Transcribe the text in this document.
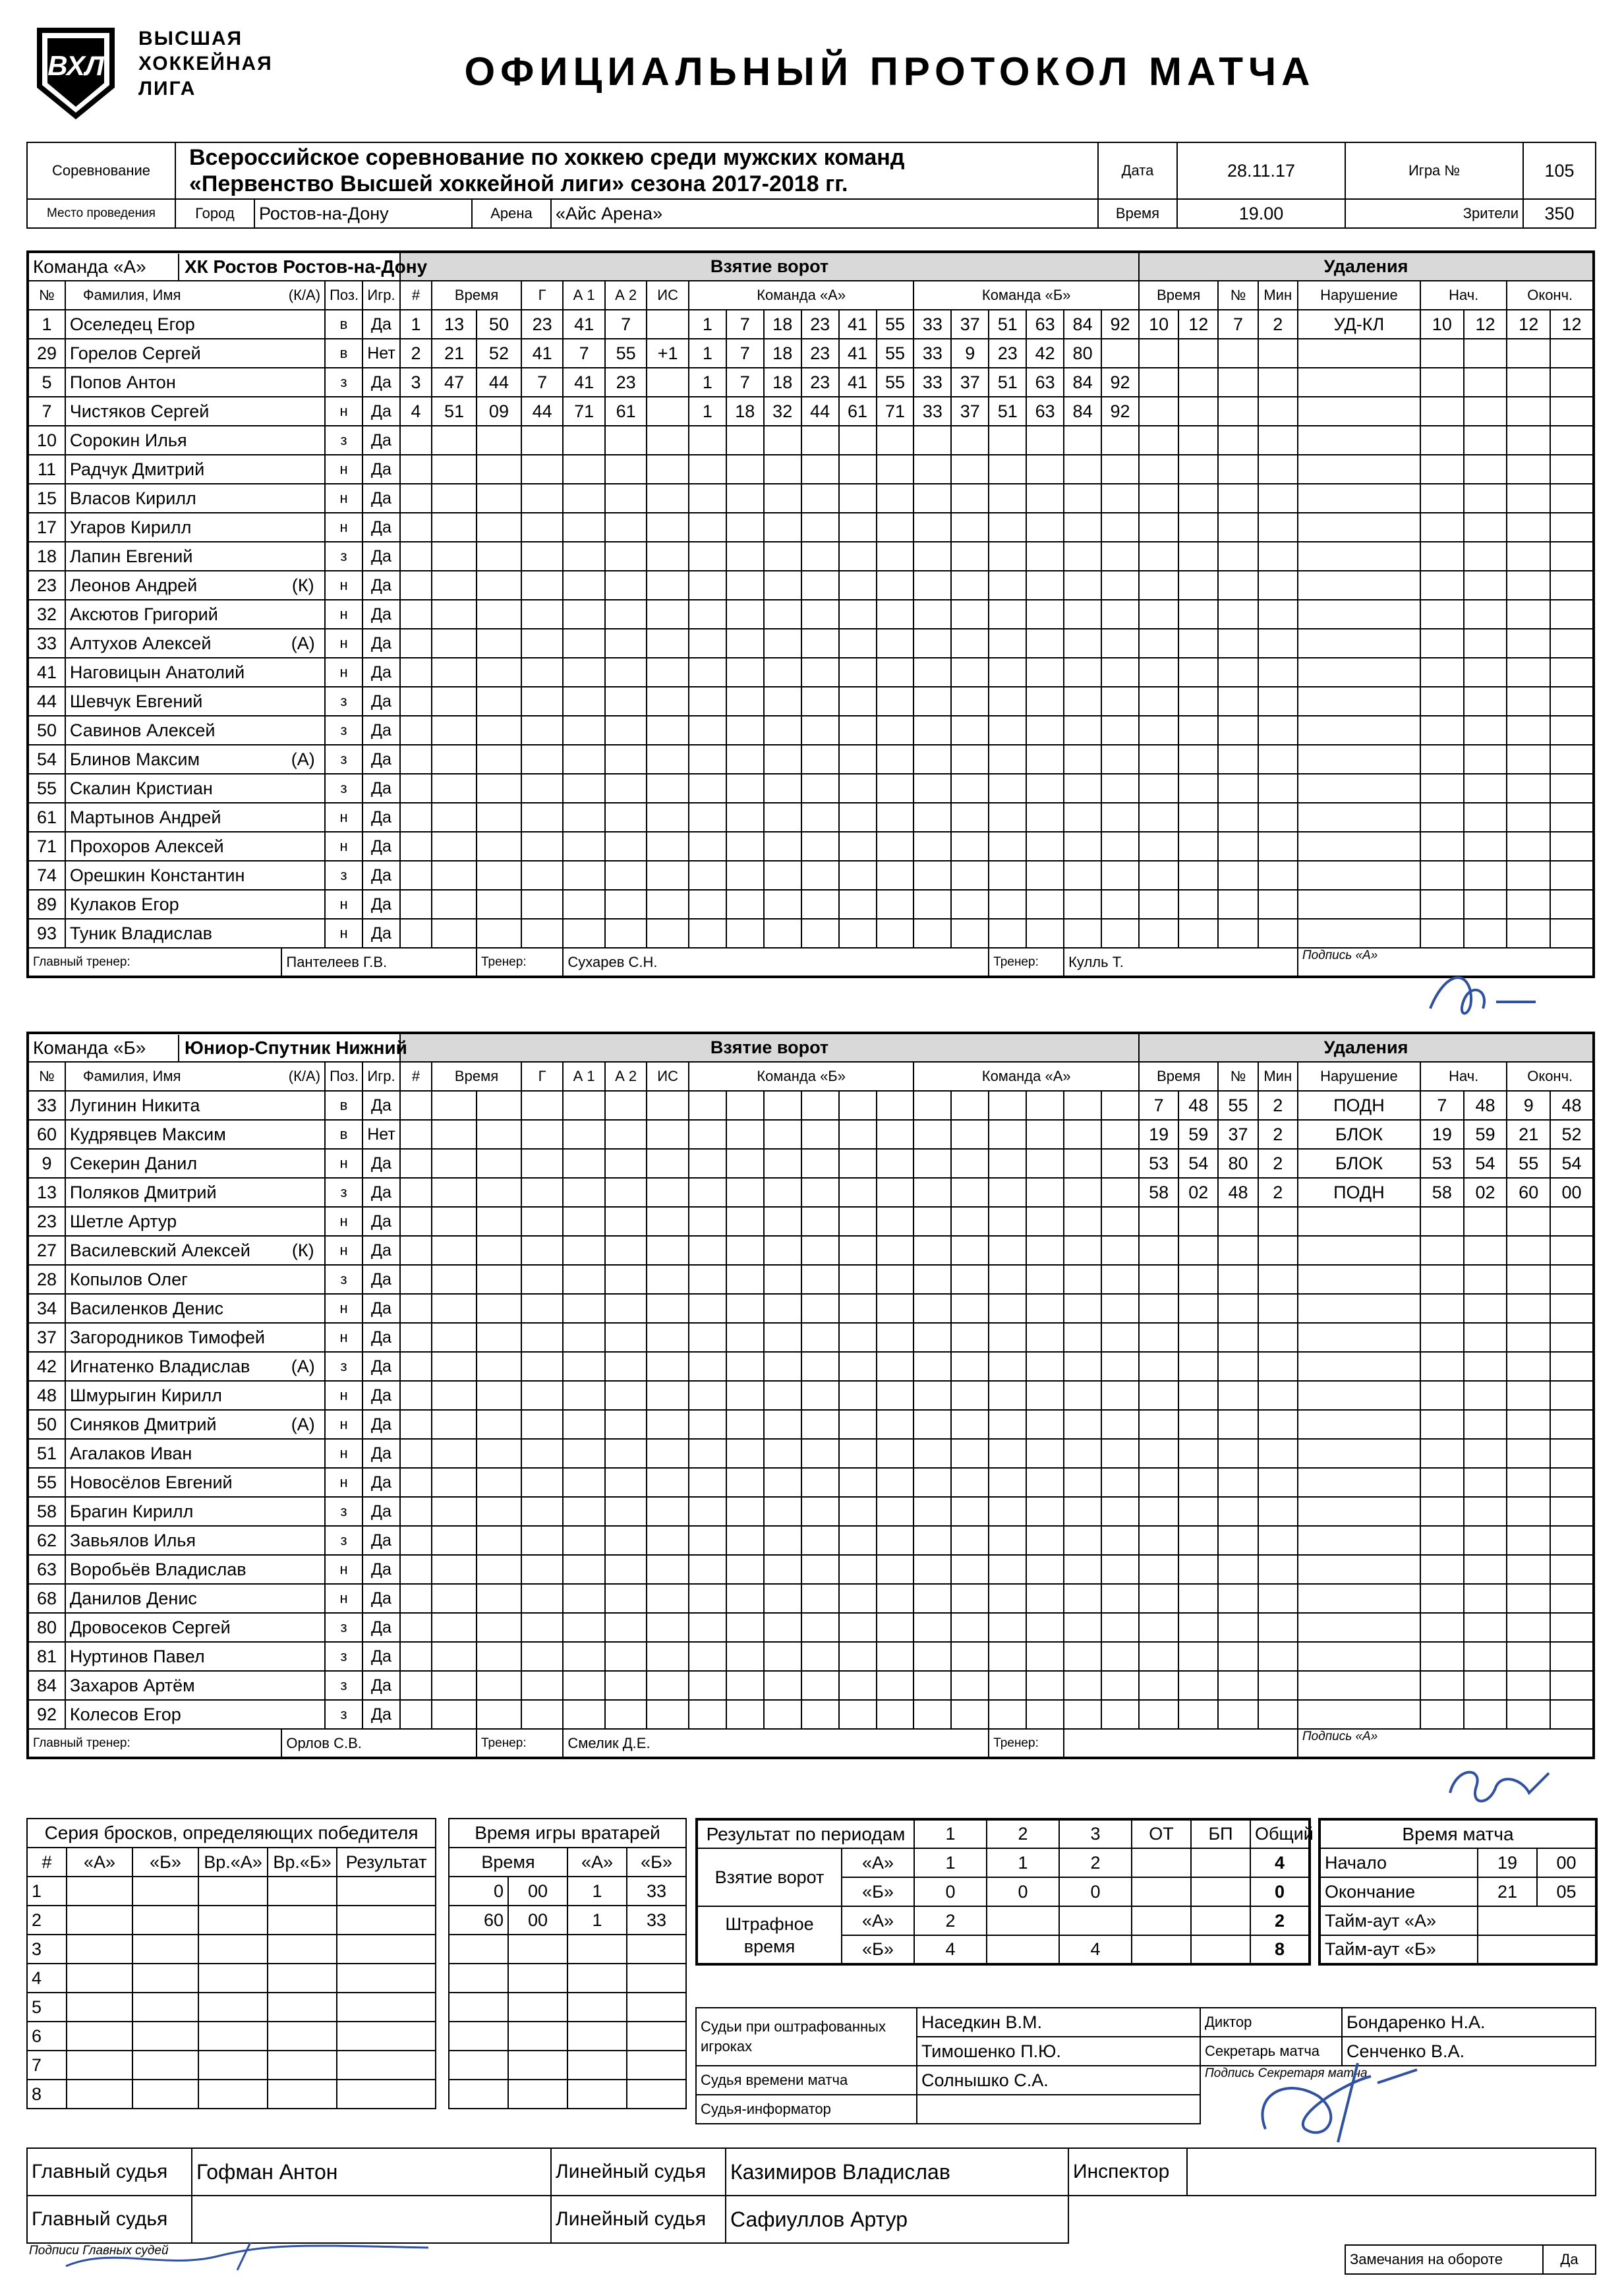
ВХЛ
ВЫСШАЯ
ХОККЕЙНАЯ
ЛИГА	ОФИЦИАЛЬНЫЙ ПРОТОКОЛ МАТЧА
Соревнование	
Всероссийское соревнование по хоккею среди мужских команд
«Первенство Высшей хоккейной лиги» сезона 2017-2018 гг.
	Дата	28.11.17	Игра №	105
Место проведения	Город	Ростов-на-Дону	Арена	«Айс Арена»	Время	19.00	Зрители	350
Команда «А» ХК Ростов Ростов-на-Дону					Взятие ворот																			Удаления								
№	Фамилия, Имя (К/А)		Поз.	Игр.	#	Время		Г	А 1	А 2	ИС	Команда «А»						Команда «Б»						Время		№	Мин	Нарушение	Нач.		Оконч.	
1	Оселедец Егор		в	Да	1	13	50	23	41	7		1	7	18	23	41	55	33	37	51	63	84	92	10	12	7	2	УД-КЛ	10	12	12	12
29	Горелов Сергей		в	Нет	2	21	52	41	7	55	+1	1	7	18	23	41	55	33	9	23	42	80										
5	Попов Антон		з	Да	3	47	44	7	41	23		1	7	18	23	41	55	33	37	51	63	84	92									
7	Чистяков Сергей		н	Да	4	51	09	44	71	61		1	18	32	44	61	71	33	37	51	63	84	92									
10	Сорокин Илья		з	Да																												
11	Радчук Дмитрий		н	Да																												
15	Власов Кирилл		н	Да																												
17	Угаров Кирилл		н	Да																												
18	Лапин Евгений		з	Да																												
23	Леонов Андрей	(К)	н	Да																												
32	Аксютов Григорий		н	Да																												
33	Алтухов Алексей	(А)	н	Да																												
41	Наговицын Анатолий		н	Да																												
44	Шевчук Евгений		з	Да																												
50	Савинов Алексей		з	Да																												
54	Блинов Максим	(А)	з	Да																												
55	Скалин Кристиан		з	Да																												
61	Мартынов Андрей		н	Да																												
71	Прохоров Алексей		н	Да																												
74	Орешкин Константин		з	Да																												
89	Кулаков Егор		н	Да																												
93	Туник Владислав		н	Да																												
Главный тренер:		Пантелеев Г.В.					Тренер:		Сухарев С.Н.											Тренер:		Кулль Т.						Подпись «А»				
Команда «Б» Юниор-Спутник Нижний					Взятие ворот																			Удаления								
№	Фамилия, Имя (К/А)		Поз.	Игр.	#	Время		Г	А 1	А 2	ИС	Команда «Б»						Команда «А»						Время		№	Мин	Нарушение	Нач.		Оконч.	
33	Лугинин Никита		в	Да																				7	48	55	2	ПОДН	7	48	9	48
60	Кудрявцев Максим		в	Нет																				19	59	37	2	БЛОК	19	59	21	52
9	Секерин Данил		н	Да																				53	54	80	2	БЛОК	53	54	55	54
13	Поляков Дмитрий		з	Да																				58	02	48	2	ПОДН	58	02	60	00
23	Шетле Артур		н	Да																												
27	Василевский Алексей	(К)	н	Да																												
28	Копылов Олег		з	Да																												
34	Василенков Денис		н	Да																												
37	Загородников Тимофей		н	Да																												
42	Игнатенко Владислав	(А)	з	Да																												
48	Шмурыгин Кирилл		н	Да																												
50	Синяков Дмитрий	(А)	н	Да																												
51	Агалаков Иван		н	Да																												
55	Новосёлов Евгений		н	Да																												
58	Брагин Кирилл		з	Да																												
62	Завьялов Илья		з	Да																												
63	Воробьёв Владислав		н	Да																												
68	Данилов Денис		н	Да																												
80	Дровосеков Сергей		з	Да																												
81	Нуртинов Павел		з	Да																												
84	Захаров Артём		з	Да																												
92	Колесов Егор		з	Да																												
Главный тренер:		Орлов С.В.					Тренер:		Смелик Д.Е.											Тренер:								Подпись «А»				
Серия бросков, определяющих победителя					
#	«А»	«Б»	Вр.«А»	Вр.«Б»	Результат
1					
2					
3					
4					
5					
6					
7					
8					
Время игры вратарей			
Время		«А»	«Б»
0	00	1	33
60	00	1	33

Результат по периодам		1	2	3	ОТ	БП	Общий
Взятие ворот	«А»	1	1	2			4
	«Б»	0	0	0			0
Штрафное время	«А»	2					2
	«Б»	4		4			8
Время матча		
Начало	19	00
Окончание	21	05
Тайм-аут «А»		
Тайм-аут «Б»		
Судьи при оштрафованных игроках	Наседкин В.М.	Диктор	Бондаренко Н.А.
	Тимошенко П.Ю.	Секретарь матча	Сенченко В.А.
Судья времени матча	Солнышко С.А.	Подпись Секретаря матча	

Судья-информатор			
Главный судья	Гофман Антон	Линейный судья	Казимиров Владислав	Инспектор	
Главный судья		Линейный судья	Сафиуллов Артур		
Подписи Главных судей
Замечания на обороте	Да
